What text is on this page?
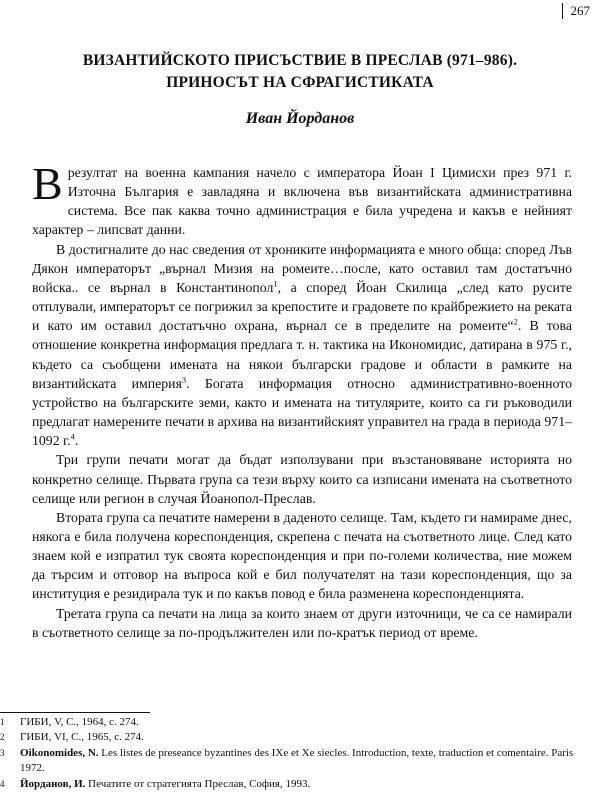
267
ВИЗАНТИЙСКОТО ПРИСЪСТВИЕ В ПРЕСЛАВ (971–986).
ПРИНОСЪТ НА СФРАГИСТИКАТА
Иван Йорданов

Врезултат на военна кампания начело с императора Йоан I Цимисхи през 971 г. Източна България е завладяна и включена във византийската административна система. Все пак каква точно администрация е била учредена и какъв е нейният характер – липсват данни.

В достигналите до нас сведения от хрониките информацията е много обща: според Лъв Дякон императорът „върнал Мизия на ромеите…после, като оставил там достатъчно войска.. се върнал в Константинопол$^1$, а според Йоан Скилица „след като русите отплували, императорът се погрижил за крепостите и градовете по крайбрежието на реката и като им оставил достатъчно охрана, върнал се в пределите на ромеите“$^2$. В това отношение конкретна информация предлага т. н. тактика на Икономидис, датирана в 975 г., където са съобщени имената на някои български градове и области в рамките на византийската империя$^3$. Богата информация относно административно-военното устройство на българските земи, както и имената на титулярите, които са ги ръководили предлагат намерените печати в архива на византийският управител на града в периода 971–1092 г.$^4$.

Три групи печати могат да бъдат използувани при възстановяване историята но конкретно селище. Първата група са тези върху които са изписани имената на съответното селище или регион в случая Йоанопол-Преслав.

Втората група са печатите намерени в даденото селище. Там, където ги намираме днес, някога е била получена кореспонденция, скрепена с печата на съответното лице. След като знаем кой е изпратил тук своята кореспонденция и при по-големи количества, ние можем да търсим и отговор на въпроса кой е бил получателят на тази кореспонденция, що за институция е резидирала тук и по какъв повод е била разменена кореспонденцията.

Третата група са печати на лица за които знаем от други източници, че са се намирали в съответното селище за по-продължителен или по-кратък период от време.

1 ГИБИ, V, C., 1964, с. 274.
2 ГИБИ, VI, C., 1965, с. 274.
3 Oikonomides, N. Les listes de preseance byzantines des IXe et Xe siecles. Introduction, texte, traduction et comentaire. Paris 1972.
4 Йорданов, И. Печатите от стратегията Преслав, София, 1993.
